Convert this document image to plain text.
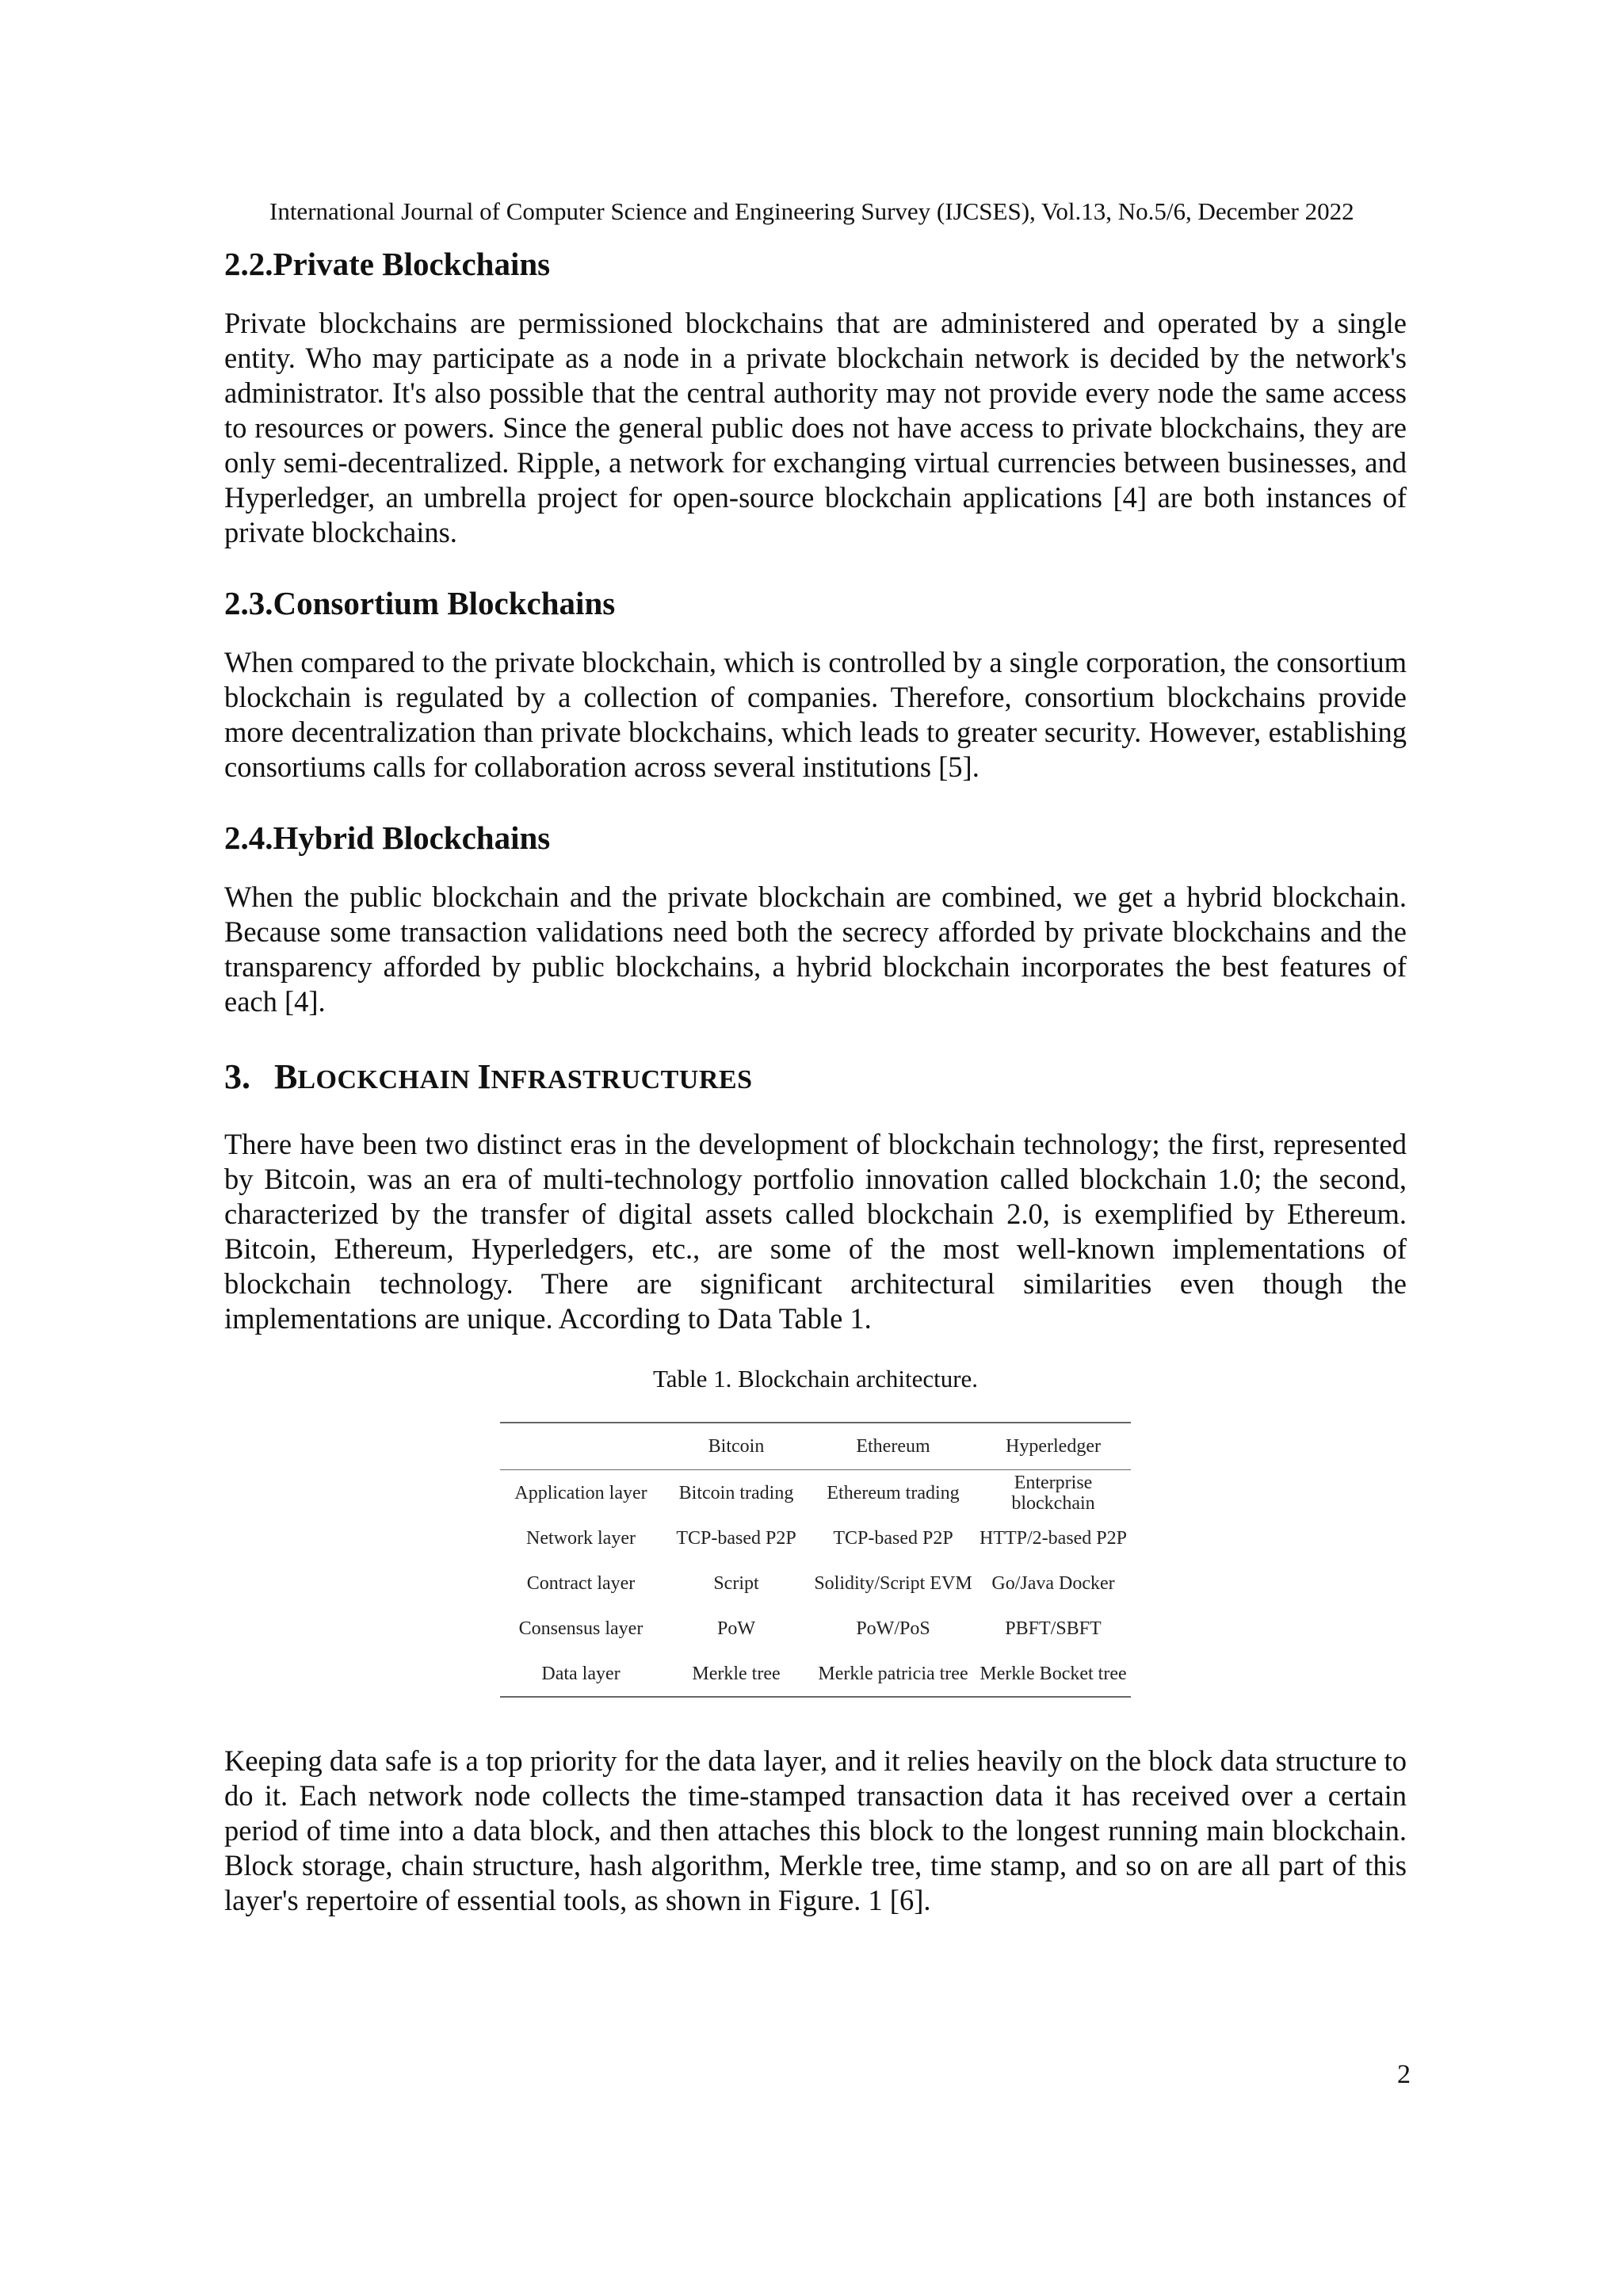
International Journal of Computer Science and Engineering Survey (IJCSES), Vol.13, No.5/6, December 2022
2.2.Private Blockchains

Private blockchains are permissioned blockchains that are administered and operated by a single entity. Who may participate as a node in a private blockchain network is decided by the network's administrator. It's also possible that the central authority may not provide every node the same access to resources or powers. Since the general public does not have access to private blockchains, they are only semi-decentralized. Ripple, a network for exchanging virtual currencies between businesses, and Hyperledger, an umbrella project for open-source blockchain applications [4] are both instances of private blockchains.

2.3.Consortium Blockchains

When compared to the private blockchain, which is controlled by a single corporation, the consortium blockchain is regulated by a collection of companies. Therefore, consortium blockchains provide more decentralization than private blockchains, which leads to greater security. However, establishing consortiums calls for collaboration across several institutions [5].

2.4.Hybrid Blockchains

When the public blockchain and the private blockchain are combined, we get a hybrid blockchain. Because some transaction validations need both the secrecy afforded by private blockchains and the transparency afforded by public blockchains, a hybrid blockchain incorporates the best features of each [4].

3. BLOCKCHAIN INFRASTRUCTURES

There have been two distinct eras in the development of blockchain technology; the first, represented by Bitcoin, was an era of multi-technology portfolio innovation called blockchain 1.0; the second, characterized by the transfer of digital assets called blockchain 2.0, is exemplified by Ethereum. Bitcoin, Ethereum, Hyperledgers, etc., are some of the most well-known implementations of blockchain technology. There are significant architectural similarities even though the implementations are unique. According to Data Table 1.

Table 1. Blockchain architecture.

	Bitcoin	Ethereum	Hyperledger
Application layer	Bitcoin trading	Ethereum trading	Enterprise blockchain
Network layer	TCP-based P2P	TCP-based P2P	HTTP/2-based P2P
Contract layer	Script	Solidity/Script EVM	Go/Java Docker
Consensus layer	PoW	PoW/PoS	PBFT/SBFT
Data layer	Merkle tree	Merkle patricia tree	Merkle Bocket tree

Keeping data safe is a top priority for the data layer, and it relies heavily on the block data structure to do it. Each network node collects the time-stamped transaction data it has received over a certain period of time into a data block, and then attaches this block to the longest running main blockchain. Block storage, chain structure, hash algorithm, Merkle tree, time stamp, and so on are all part of this layer's repertoire of essential tools, as shown in Figure. 1 [6].

2
